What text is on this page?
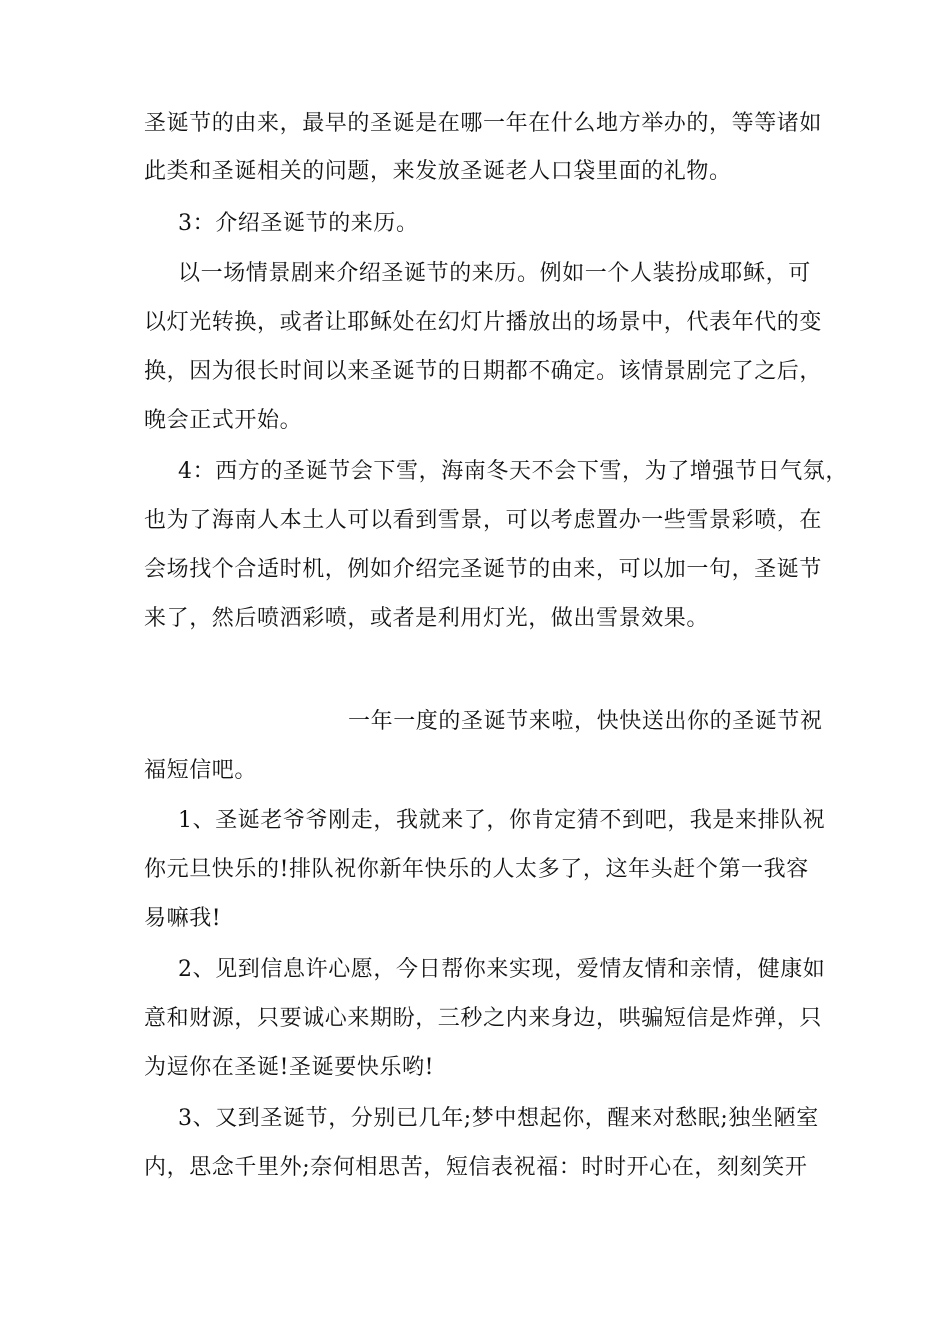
圣诞节的由来，最早的圣诞是在哪一年在什么地方举办的，等等诸如
此类和圣诞相关的问题，来发放圣诞老人口袋里面的礼物。
3：介绍圣诞节的来历。
以一场情景剧来介绍圣诞节的来历。例如一个人装扮成耶稣，可
以灯光转换，或者让耶稣处在幻灯片播放出的场景中，代表年代的变
换，因为很长时间以来圣诞节的日期都不确定。该情景剧完了之后，
晚会正式开始。
4：西方的圣诞节会下雪，海南冬天不会下雪，为了增强节日气氛，
也为了海南人本土人可以看到雪景，可以考虑置办一些雪景彩喷，在
会场找个合适时机，例如介绍完圣诞节的由来，可以加一句，圣诞节
来了，然后喷洒彩喷，或者是利用灯光，做出雪景效果。
一年一度的圣诞节来啦，快快送出你的圣诞节祝
福短信吧。
1、圣诞老爷爷刚走，我就来了，你肯定猜不到吧，我是来排队祝
你元旦快乐的!排队祝你新年快乐的人太多了，这年头赶个第一我容
易嘛我!
2、见到信息许心愿，今日帮你来实现，爱情友情和亲情，健康如
意和财源，只要诚心来期盼，三秒之内来身边，哄骗短信是炸弹，只
为逗你在圣诞!圣诞要快乐哟!
3、又到圣诞节，分别已几年;梦中想起你，醒来对愁眠;独坐陋室
内，思念千里外;奈何相思苦，短信表祝福：时时开心在，刻刻笑开
